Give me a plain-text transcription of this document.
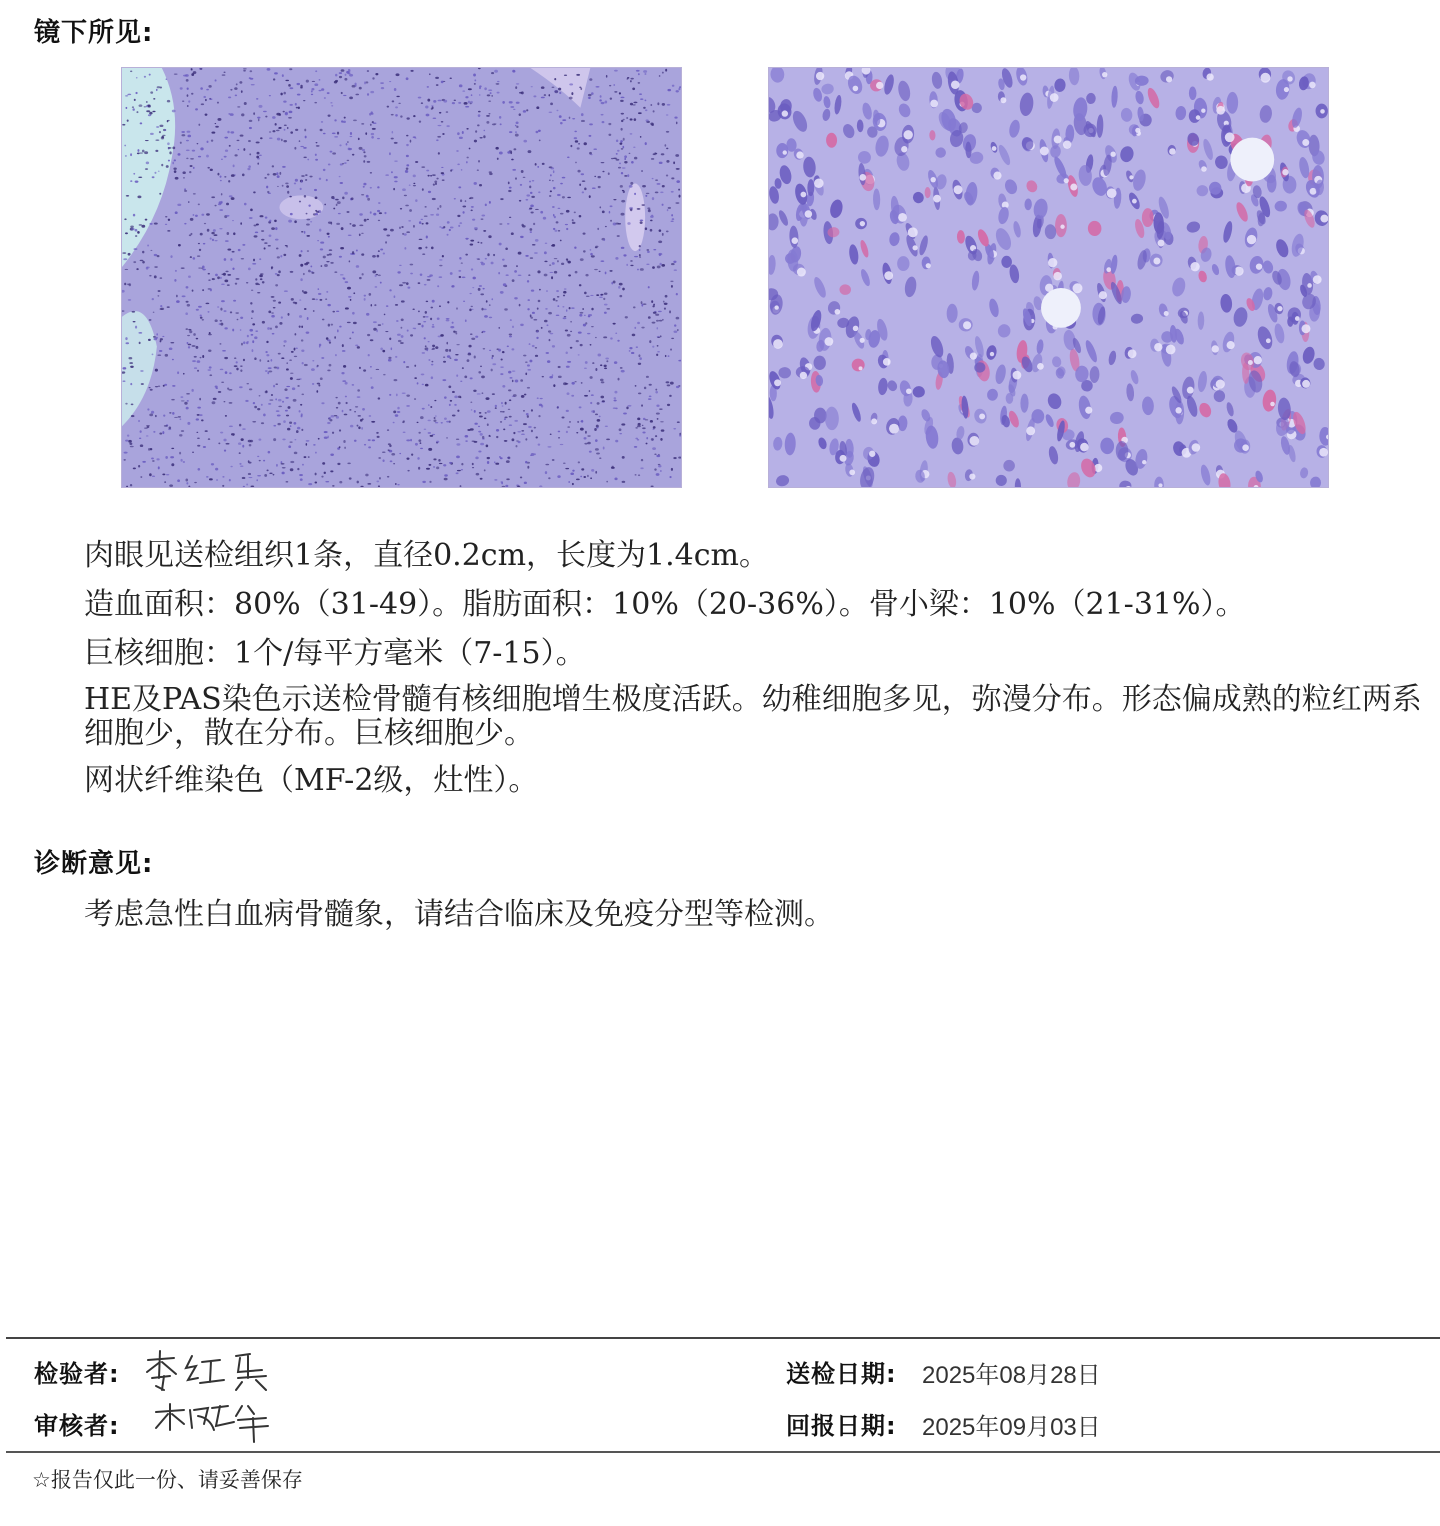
镜下所见:

肉眼见送检组织1条，直径0.2cm，长度为1.4cm。

造血面积：80%（31-49）。脂肪面积：10%（20-36%）。骨小梁：10%（21-31%）。

巨核细胞：1个/每平方毫米（7-15）。

HE及PAS染色示送检骨髓有核细胞增生极度活跃。幼稚细胞多见，弥漫分布。形态偏成熟的粒红两系细胞少，散在分布。巨核细胞少。

网状纤维染色（MF-2级，灶性）。

诊断意见:
考虑急性白血病骨髓象，请结合临床及免疫分型等检测。
检验者:
审核者:
送检日期: 2025年08月28日
回报日期: 2025年09月03日
☆报告仅此一份、请妥善保存
